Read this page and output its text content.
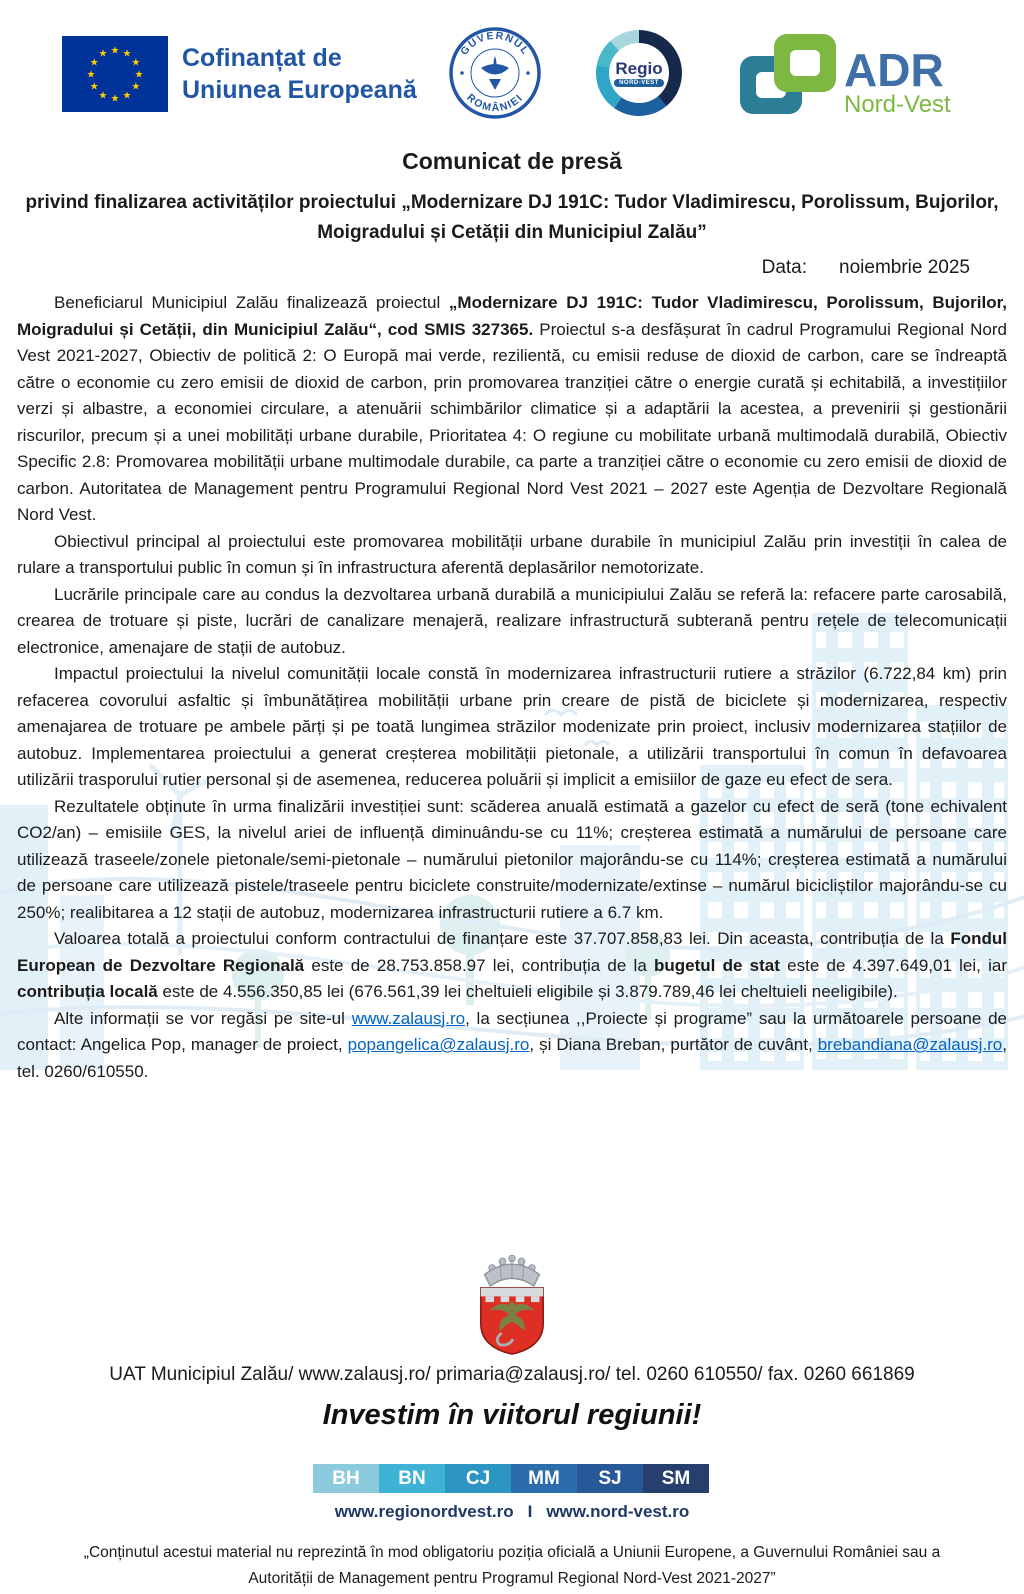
★ ★
★
★
★
★
★
★
★
★
★
★	Cofinanțat de
Uniunea Europeană
GUVERNUL
ROMÂNIEI
Regio
NORD-VEST	ADR
Nord-Vest
Comunicat de presă
privind finalizarea activităților proiectului „Modernizare DJ 191C: Tudor Vladimirescu, Porolissum, Bujorilor, Moigradului și Cetății din Municipiul Zalău”
Data: noiembrie 2025

Beneficiarul Municipiul Zalău finalizează proiectul „Modernizare DJ 191C: Tudor Vladimirescu, Porolissum, Bujorilor, Moigradului și Cetății, din Municipiul Zalău“, cod SMIS 327365. Proiectul s-a desfășurat în cadrul Programului Regional Nord Vest 2021-2027, Obiectiv de politică 2: O Europă mai verde, rezilientă, cu emisii reduse de dioxid de carbon, care se îndreaptă către o economie cu zero emisii de dioxid de carbon, prin promovarea tranziției către o energie curată și echitabilă, a investițiilor verzi și albastre, a economiei circulare, a atenuării schimbărilor climatice și a adaptării la acestea, a prevenirii și gestionării riscurilor, precum și a unei mobilități urbane durabile, Prioritatea 4: O regiune cu mobilitate urbană multimodală durabilă, Obiectiv Specific 2.8: Promovarea mobilității urbane multimodale durabile, ca parte a tranziției către o economie cu zero emisii de dioxid de carbon. Autoritatea de Management pentru Programului Regional Nord Vest 2021 – 2027 este Agenția de Dezvoltare Regională Nord Vest.

Obiectivul principal al proiectului este promovarea mobilității urbane durabile în municipiul Zalău prin investiții în calea de rulare a transportului public în comun și în infrastructura aferentă deplasărilor nemotorizate.

Lucrările principale care au condus la dezvoltarea urbană durabilă a municipiului Zalău se referă la: refacere parte carosabilă, crearea de trotuare și piste, lucrări de canalizare menajeră, realizare infrastructură subterană pentru rețele de telecomunicații electronice, amenajare de stații de autobuz.

Impactul proiectului la nivelul comunității locale constă în modernizarea infrastructurii rutiere a străzilor (6.722,84 km) prin refacerea covorului asfaltic și îmbunătățirea mobilității urbane prin creare de pistă de biciclete și modernizarea, respectiv amenajarea de trotuare pe ambele părți și pe toată lungimea străzilor modenizate prin proiect, inclusiv modernizarea stațiilor de autobuz. Implementarea proiectului a generat creșterea mobilității pietonale, a utilizării transportului în comun în defavoarea utilizării trasporului rutier personal și de asemenea, reducerea poluării și implicit a emisiilor de gaze eu efect de sera.

Rezultatele obținute în urma finalizării investiției sunt: scăderea anuală estimată a gazelor cu efect de seră (tone echivalent CO2/an) – emisiile GES, la nivelul ariei de influență diminuându-se cu 11%; creșterea estimată a numărului de persoane care utilizează traseele/zonele pietonale/semi-pietonale – numărului pietonilor majorându-se cu 114%; creșterea estimată a numărului de persoane care utilizează pistele/traseele pentru biciclete construite/modernizate/extinse – numărul bicicliștilor majorându-se cu 250%; realibitarea a 12 stații de autobuz, modernizarea infrastructurii rutiere a 6.7 km.

Valoarea totală a proiectului conform contractului de finanțare este 37.707.858,83 lei. Din aceasta, contribuția de la Fondul European de Dezvoltare Regională este de 28.753.858.97 lei, contribuția de la bugetul de stat este de 4.397.649,01 lei, iar contribuția locală este de 4.556.350,85 lei (676.561,39 lei cheltuieli eligibile și 3.879.789,46 lei cheltuieli neeligibile).

Alte informații se vor regăsi pe site-ul www.zalausj.ro, la secțiunea ,,Proiecte și programe” sau la următoarele persoane de contact: Angelica Pop, manager de proiect, popangelica@zalausj.ro, și Diana Breban, purtător de cuvânt, brebandiana@zalausj.ro, tel. 0260/610550.

UAT Municipiul Zalău/ www.zalausj.ro/ primaria@zalausj.ro/ tel. 0260 610550/ fax. 0260 661869
Investim în viitorul regiunii!
BH	BN	CJ	MM	SJ	SM
www.regionordvest.ro I www.nord-vest.ro
„Conținutul acestui material nu reprezintă în mod obligatoriu poziția oficială a Uniunii Europene, a Guvernului României sau a Autorității de Management pentru Programul Regional Nord-Vest 2021-2027”
